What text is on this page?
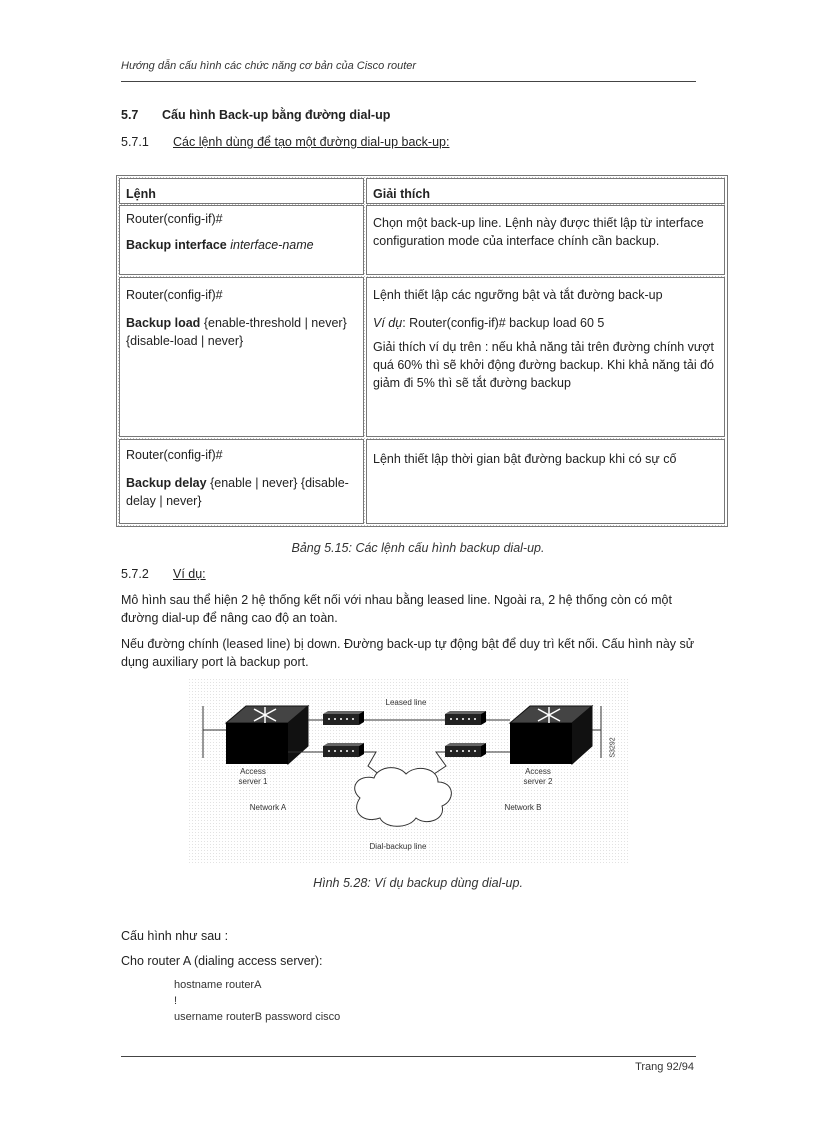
Hướng dẫn cấu hình các chức năng cơ bản của Cisco router
5.7 Cấu hình Back-up bằng đường dial-up
5.7.1 Các lệnh dùng để tạo một đường dial-up back-up:
Lệnh	Giải thích

Router(config-if)#

Backup interface interface-name

Chọn một back-up line. Lệnh này được thiết lập từ interface configuration mode của interface chính cần backup.

Router(config-if)#

Backup load {enable-threshold | never} {disable-load | never}

Lệnh thiết lập các ngưỡng bật và tắt đường back-up

Ví dụ: Router(config-if)# backup load 60 5

Giải thích ví dụ trên : nếu khả năng tải trên đường chính vượt quá 60% thì sẽ khởi động đường backup. Khi khả năng tải đó giảm đi 5% thì sẽ tắt đường backup

Router(config-if)#

Backup delay {enable | never} {disable-delay | never}

Lệnh thiết lập thời gian bật đường backup khi có sự cố

Bảng 5.15: Các lệnh cấu hình backup dial-up.
5.7.2 Ví dụ:
Mô hình sau thể hiện 2 hệ thống kết nối với nhau bằng leased line. Ngoài ra, 2 hệ thống còn có một đường dial-up để nâng cao độ an toàn.
Nếu đường chính (leased line) bị down. Đường back-up tự động bật để duy trì kết nối. Cấu hình này sử dụng auxiliary port là backup port.
Leased line
Access
server 1
Access
server 2
Network A	Network B
Dial-backup line
S3292
Hình 5.28: Ví dụ backup dùng dial-up.
Cấu hình như sau :
Cho router A (dialing access server):
hostname routerA
!
username routerB password cisco
Trang 92/94
